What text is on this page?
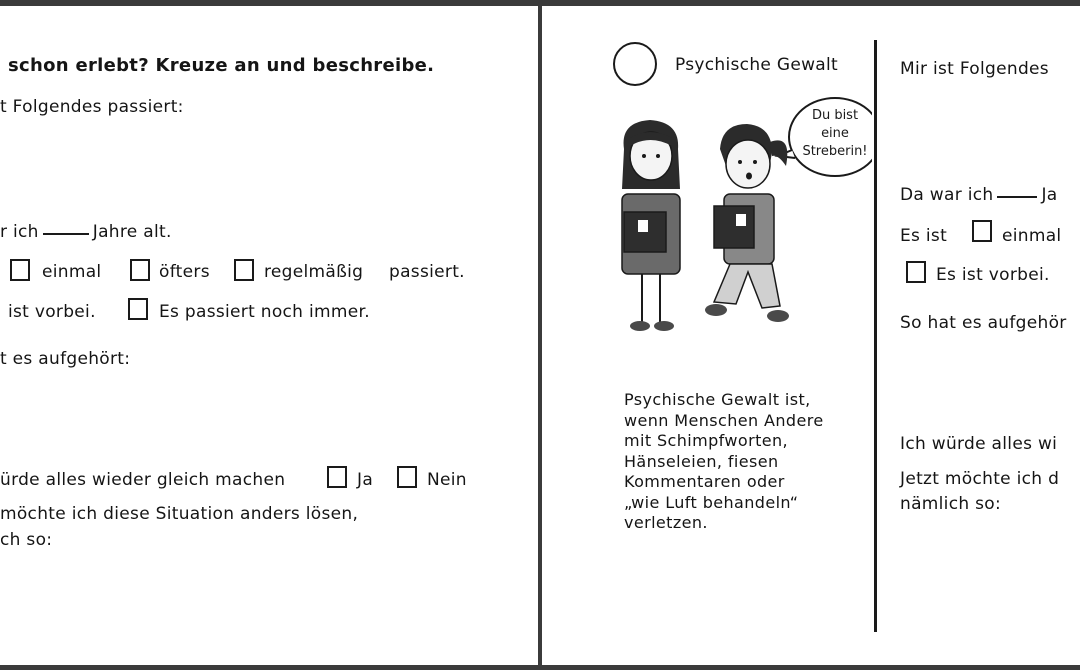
schon erlebt? Kreuze an und beschreibe.
t Folgendes passiert:
r ich	Jahre alt.
einmal	öfters	regelmäßig passiert.
ist vorbei.	Es passiert noch immer.
t es aufgehört:
ürde alles wieder gleich machen	Ja	Nein
möchte ich diese Situation anders lösen,
ch so:
Psychische Gewalt
Du bist
eine
Streberin!
Psychische Gewalt ist,
wenn Menschen Andere
mit Schimpfworten,
Hänseleien, fiesen
Kommentaren oder
„wie Luft behandeln“
verletzen.
Mir ist Folgendes
Da war ich	Ja
Es ist	einmal
Es ist vorbei.
So hat es aufgehör
Ich würde alles wi
Jetzt möchte ich d
nämlich so:
